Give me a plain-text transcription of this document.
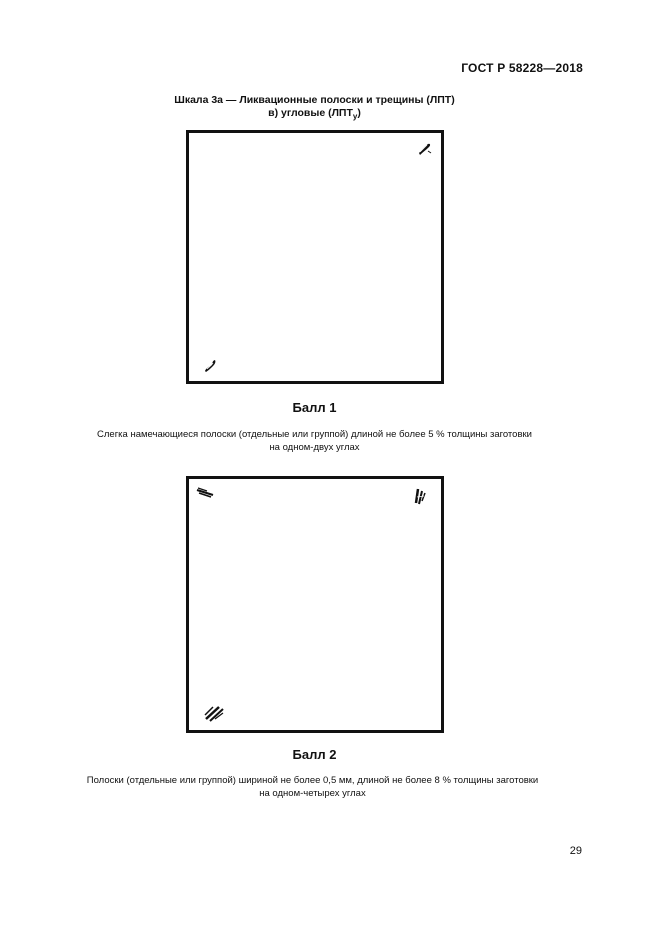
ГОСТ Р 58228—2018
Шкала 3а — Ликвационные полоски и трещины (ЛПТ)
в) угловые $(ЛПТ_у)$
Балл 1
Слегка намечающиеся полоски (отдельные или группой) длиной не более 5 % толщины заготовки
на одном-двух углах
Балл 2
Полоски (отдельные или группой) шириной не более 0,5 мм, длиной не более 8 % толщины заготовки
на одном-четырех углах
29
